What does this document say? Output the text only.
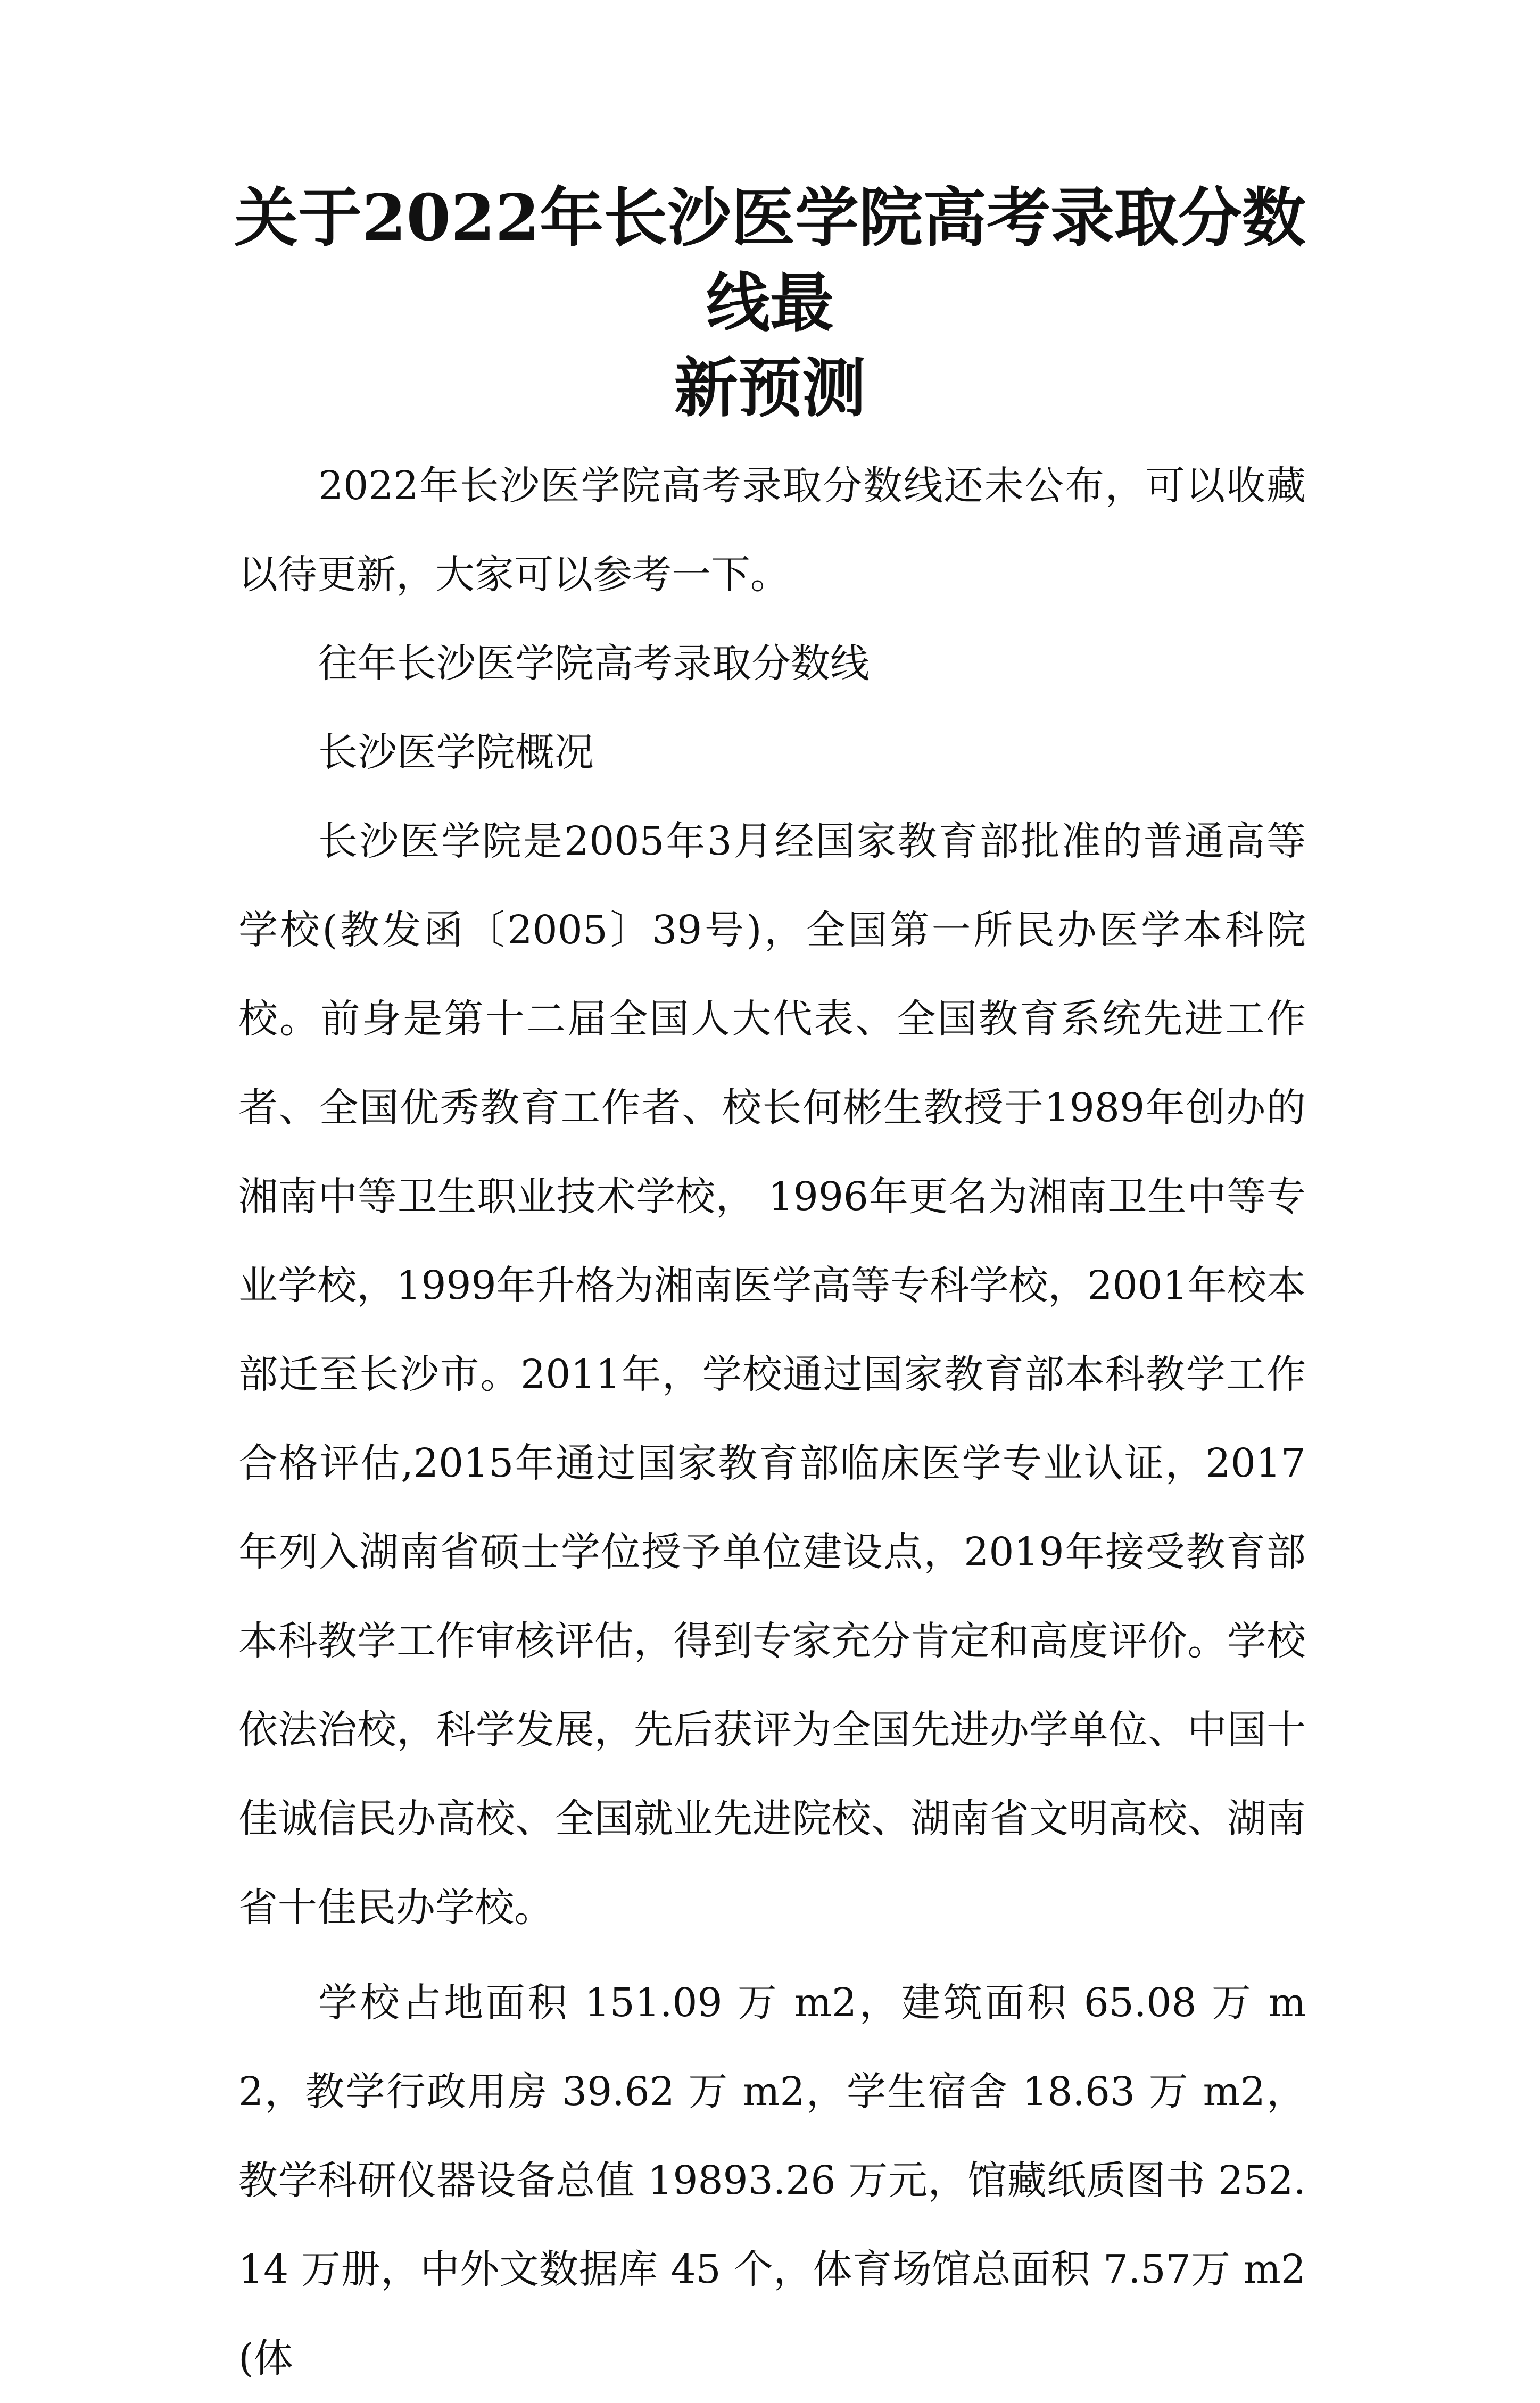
关于2022年长沙医学院高考录取分数线最
新预测

2022年长沙医学院高考录取分数线还未公布，可以收藏以待更新，大家可以参考一下。

往年长沙医学院高考录取分数线

长沙医学院概况

长沙医学院是2005年3月经国家教育部批准的普通高等学校(教发函〔2005〕39号)，全国第一所民办医学本科院校。前身是第十二届全国人大代表、全国教育系统先进工作者、全国优秀教育工作者、校长何彬生教授于1989年创办的湘南中等卫生职业技术学校， 1996年更名为湘南卫生中等专业学校，1999年升格为湘南医学高等专科学校，2001年校本部迁至长沙市。2011年，学校通过国家教育部本科教学工作合格评估,2015年通过国家教育部临床医学专业认证，2017年列入湖南省硕士学位授予单位建设点，2019年接受教育部本科教学工作审核评估，得到专家充分肯定和高度评价。学校依法治校，科学发展，先后获评为全国先进办学单位、中国十佳诚信民办高校、全国就业先进院校、湖南省文明高校、湖南省十佳民办学校。

学校占地面积 151.09 万 m2，建筑面积 65.08 万 m2，教学行政用房 39.62 万 m2，学生宿舍 18.63 万 m2，教学科研仪器设备总值 19893.26 万元，馆藏纸质图书 252.14 万册，中外文数据库 45 个，体育场馆总面积 7.57万 m2(体
